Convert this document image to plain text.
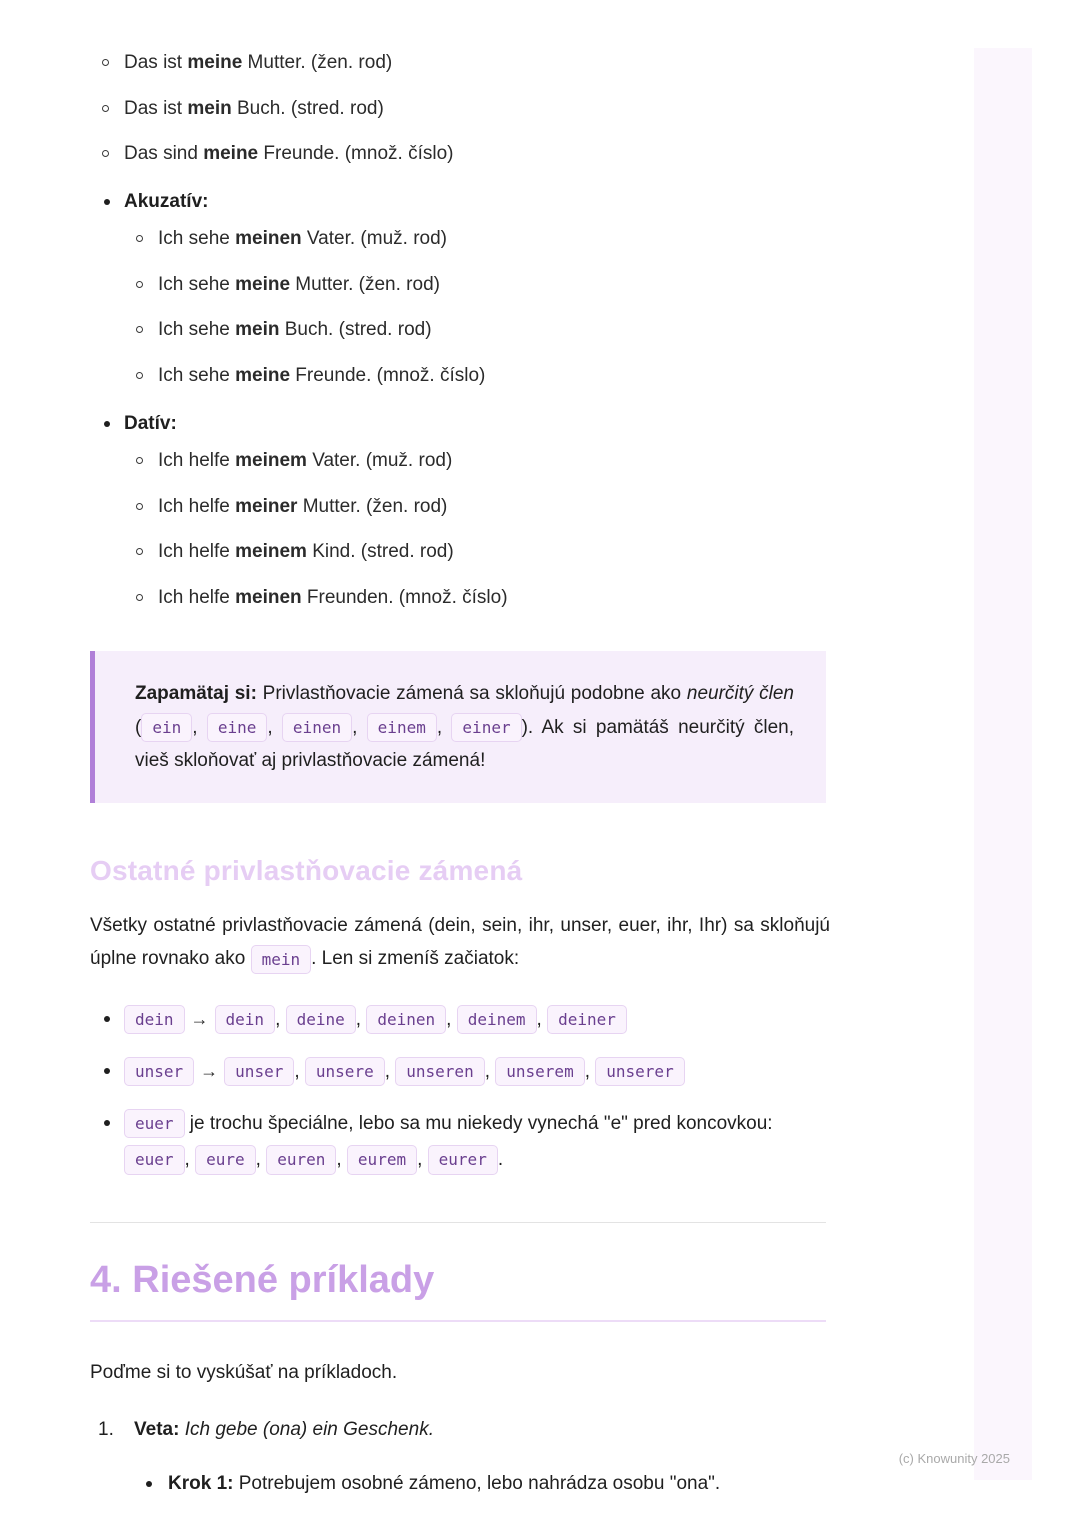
Das ist meine Mutter. (žen. rod)
Das ist mein Buch. (stred. rod)
Das sind meine Freunde. (množ. číslo)
Akuzatív:
Ich sehe meinen Vater. (muž. rod)
Ich sehe meine Mutter. (žen. rod)
Ich sehe mein Buch. (stred. rod)
Ich sehe meine Freunde. (množ. číslo)
Datív:
Ich helfe meinem Vater. (muž. rod)
Ich helfe meiner Mutter. (žen. rod)
Ich helfe meinem Kind. (stred. rod)
Ich helfe meinen Freunden. (množ. číslo)

Zapamätaj si: Privlastňovacie zámená sa skloňujú podobne ako neurčitý člen ( ein , eine , einen , einem , einer ). Ak si pamätáš neurčitý člen, vieš skloňovať aj privlastňovacie zámená!

Ostatné privlastňovacie zámená

Všetky ostatné privlastňovacie zámená (dein, sein, ihr, unser, euer, ihr, Ihr) sa skloňujú úplne rovnako ako mein . Len si zmeníš začiatok:

dein → dein , deine , deinen , deinem , deiner
unser → unser , unsere , unseren , unserem , unserer
euer je trochu špeciálne, lebo sa mu niekedy vynechá "e" pred koncovkou: euer , eure , euren , eurem , eurer .
4. Riešené príklady

Poďme si to vyskúšať na príkladoch.

Veta: Ich gebe (ona) ein Geschenk.
Krok 1: Potrebujem osobné zámeno, lebo nahrádza osobu "ona".
(c) Knowunity 2025
